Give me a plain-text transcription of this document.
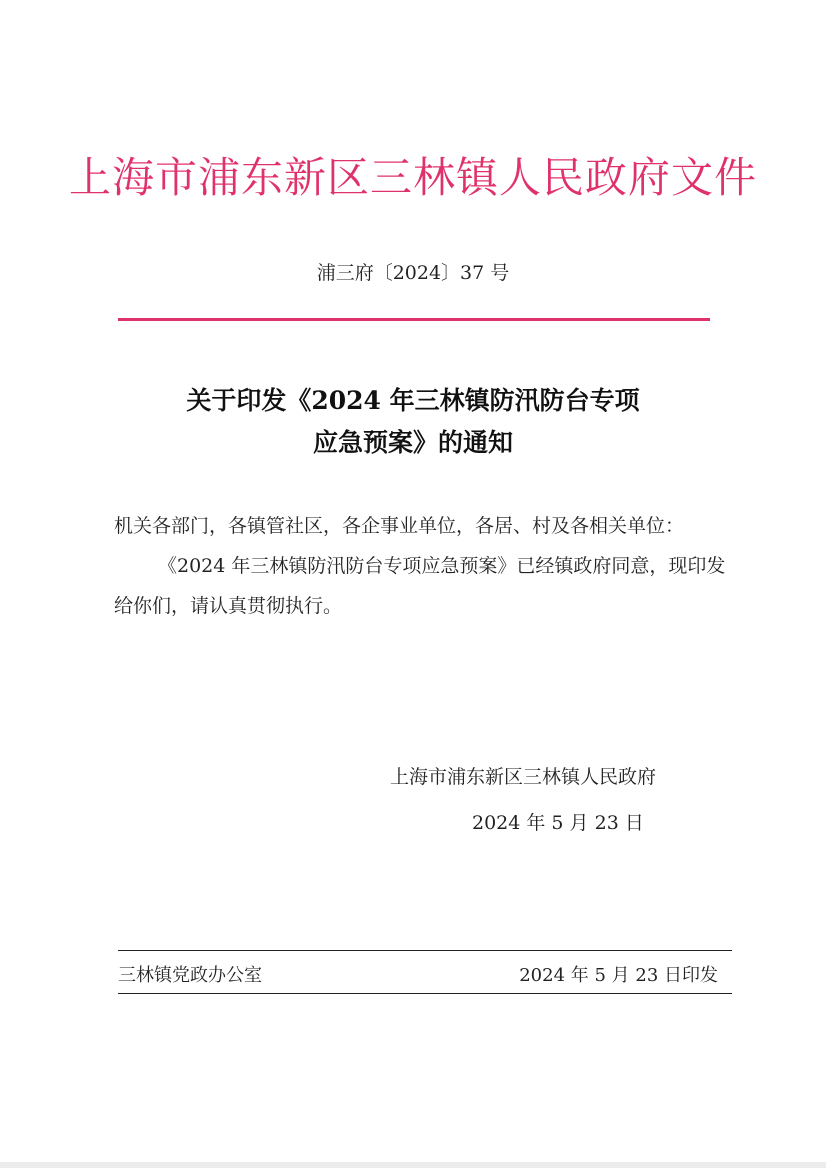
上海市浦东新区三林镇人民政府文件
浦三府〔2024〕37 号
关于印发《2024 年三林镇防汛防台专项
应急预案》的通知
机关各部门，各镇管社区，各企事业单位，各居、村及各相关单位：
《2024 年三林镇防汛防台专项应急预案》已经镇政府同意，现印发给你们，请认真贯彻执行。
上海市浦东新区三林镇人民政府
2024 年 5 月 23 日
三林镇党政办公室	2024 年 5 月 23 日印发
